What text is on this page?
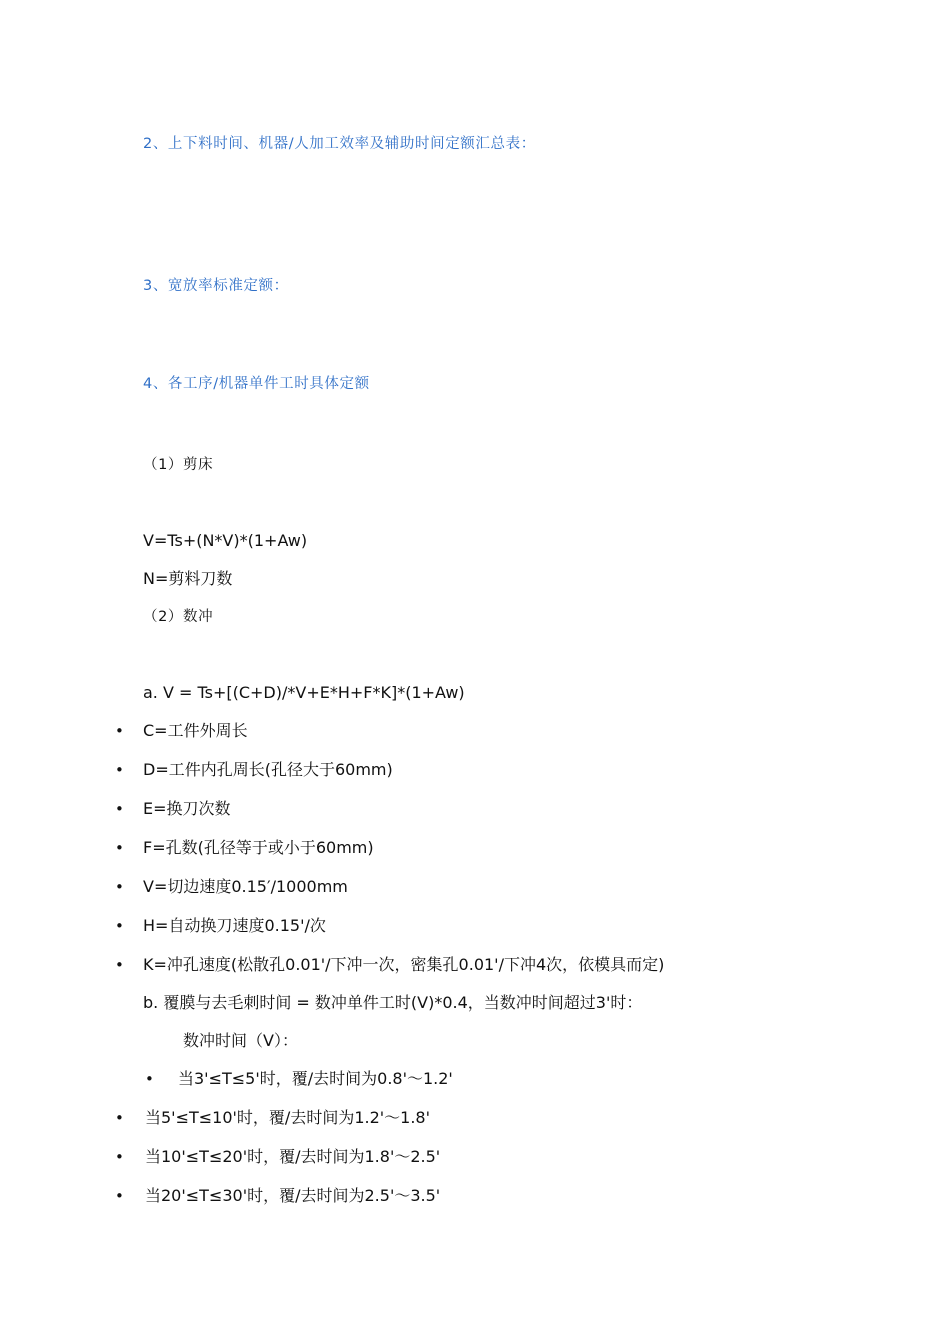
2、上下料时间、机器/人加工效率及辅助时间定额汇总表：
3、宽放率标准定额：
4、各工序/机器单件工时具体定额
（1）剪床
V=Ts+(N*V)*(1+Aw)
N=剪料刀数
（2）数冲
a. V = Ts+[(C+D)/*V+E*H+F*K]*(1+Aw)
• C=工件外周长
• D=工件内孔周长(孔径大于60mm)
• E=换刀次数
• F=孔数(孔径等于或小于60mm)
• V=切边速度0.15′/1000mm
• H=自动换刀速度0.15'/次
• K=冲孔速度(松散孔0.01'/下冲一次，密集孔0.01'/下冲4次，依模具而定)
b. 覆膜与去毛刺时间 = 数冲单件工时(V)*0.4，当数冲时间超过3'时：
数冲时间（V）：
• 当3'≤T≤5'时，覆/去时间为0.8'～1.2'
• 当5'≤T≤10'时，覆/去时间为1.2'～1.8'
• 当10'≤T≤20'时，覆/去时间为1.8'～2.5'
• 当20'≤T≤30'时，覆/去时间为2.5'～3.5'
